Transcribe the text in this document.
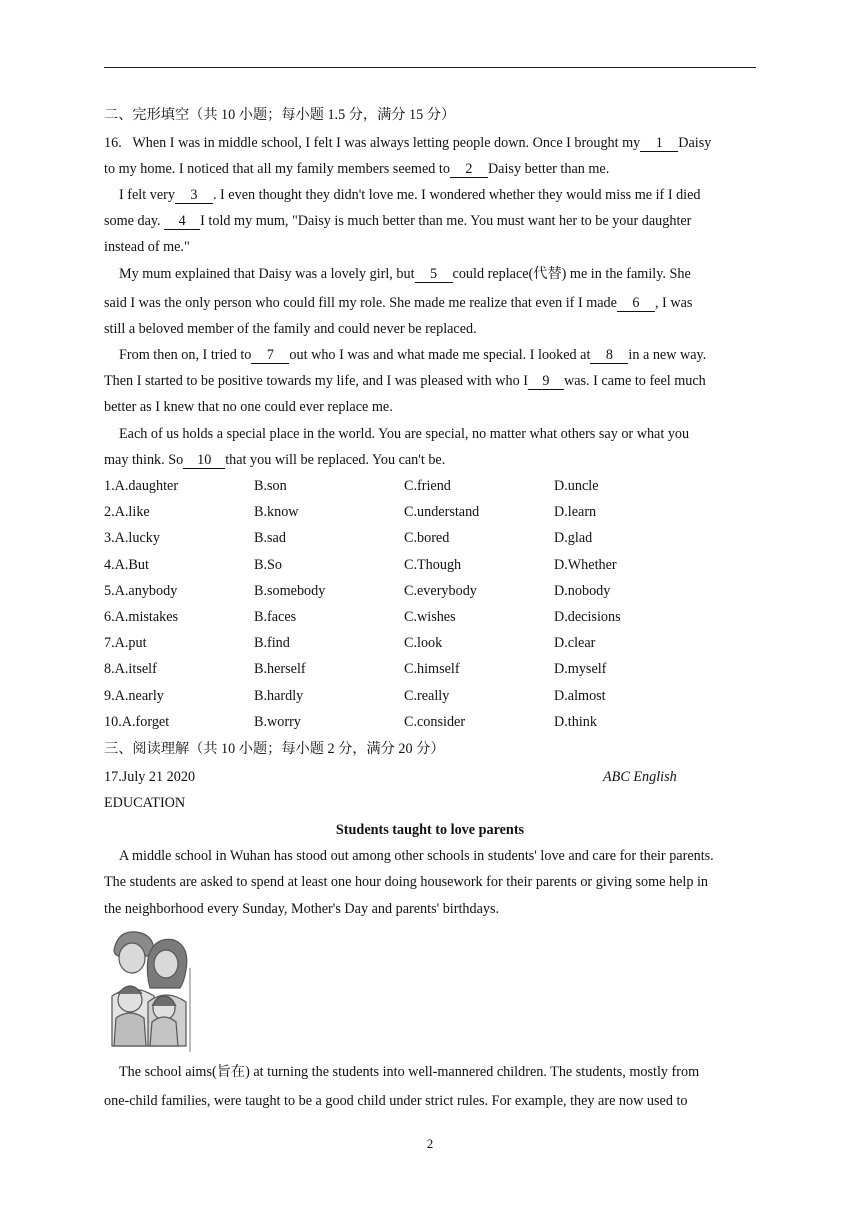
二、完形填空（共 10 小题；每小题 1.5 分，满分 15 分）
16. When I was in middle school, I felt I was always letting people down. Once I brought my 1 Daisy
to my home. I noticed that all my family members seemed to 2 Daisy better than me.
I felt very 3 . I even thought they didn't love me. I wondered whether they would miss me if I died
some day. 4 I told my mum, "Daisy is much better than me. You must want her to be your daughter
instead of me."
My mum explained that Daisy was a lovely girl, but 5 could replace(代替) me in the family. She
said I was the only person who could fill my role. She made me realize that even if I made 6 , I was
still a beloved member of the family and could never be replaced.
From then on, I tried to 7 out who I was and what made me special. I looked at 8 in a new way.
Then I started to be positive towards my life, and I was pleased with who I 9 was. I came to feel much
better as I knew that no one could ever replace me.
Each of us holds a special place in the world. You are special, no matter what others say or what you
may think. So 10 that you will be replaced. You can't be.
1.A.daughter	B.son	C.friend	D.uncle
2.A.like	B.know	C.understand	D.learn
3.A.lucky	B.sad	C.bored	D.glad
4.A.But	B.So	C.Though	D.Whether
5.A.anybody	B.somebody	C.everybody	D.nobody
6.A.mistakes	B.faces	C.wishes	D.decisions
7.A.put	B.find	C.look	D.clear
8.A.itself	B.herself	C.himself	D.myself
9.A.nearly	B.hardly	C.really	D.almost
10.A.forget	B.worry	C.consider	D.think
三、阅读理解（共 10 小题；每小题 2 分，满分 20 分）
17.July 21 2020	ABC English
EDUCATION
Students taught to love parents
A middle school in Wuhan has stood out among other schools in students' love and care for their parents.
The students are asked to spend at least one hour doing housework for their parents or giving some help in
the neighborhood every Sunday, Mother's Day and parents' birthdays.
The school aims(旨在) at turning the students into well-mannered children. The students, mostly from
one-child families, were taught to be a good child under strict rules. For example, they are now used to
2
